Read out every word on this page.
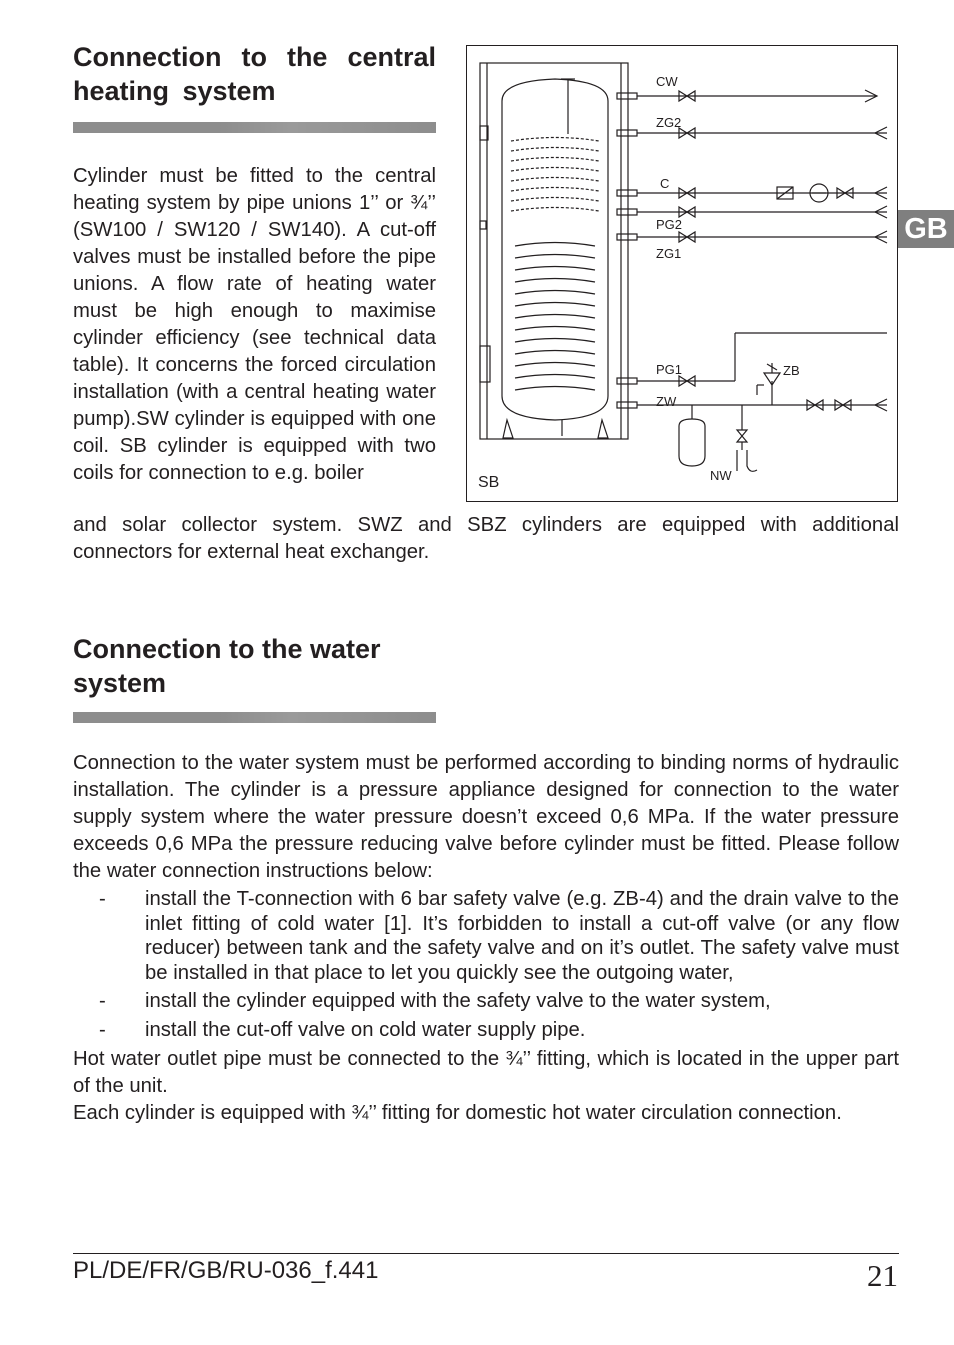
Connection to the central heating system

Cylinder must be fitted to the central heating system by pipe unions 1’’ or ¾’’ (SW100 / SW120 / SW140). A cut-off valves must be installed before the pipe unions. A flow rate of heating water must be high enough to maximise cylinder efficiency (see technical data table). It concerns the forced circulation installation (with a central heating water pump).SW cylinder is equipped with one coil. SB cylinder is equipped with two coils for connection to e.g. boiler

and solar collector system. SWZ and SBZ cylinders are equipped with additional
connectors for external heat exchanger.
CW
ZG2
C
PG2
ZG1
PG1
ZW
ZB
NW
SB
GB
Connection to the water system

Connection to the water system must be performed according to binding norms of hydraulic installation. The cylinder is a pressure appliance designed for connection to the water supply system where the water pressure doesn’t exceed 0,6 MPa. If the water pressure exceeds 0,6 MPa the pressure reducing valve before cylinder must be fitted. Please follow the water connection instructions below:

- install the T-connection with 6 bar safety valve (e.g. ZB-4) and the drain valve to the inlet fitting of cold water [1]. It’s forbidden to install a cut-off valve (or any flow reducer) between tank and the safety valve and on it’s outlet. The safety valve must be installed in that place to let you quickly see the outgoing water,
- install the cylinder equipped with the safety valve to the water system,
- install the cut-off valve on cold water supply pipe.

Hot water outlet pipe must be connected to the ¾’’ fitting, which is located in the upper part of the unit.

Each cylinder is equipped with ¾’’ fitting for domestic hot water circulation connection.

PL/DE/FR/GB/RU-036_f.441	21
